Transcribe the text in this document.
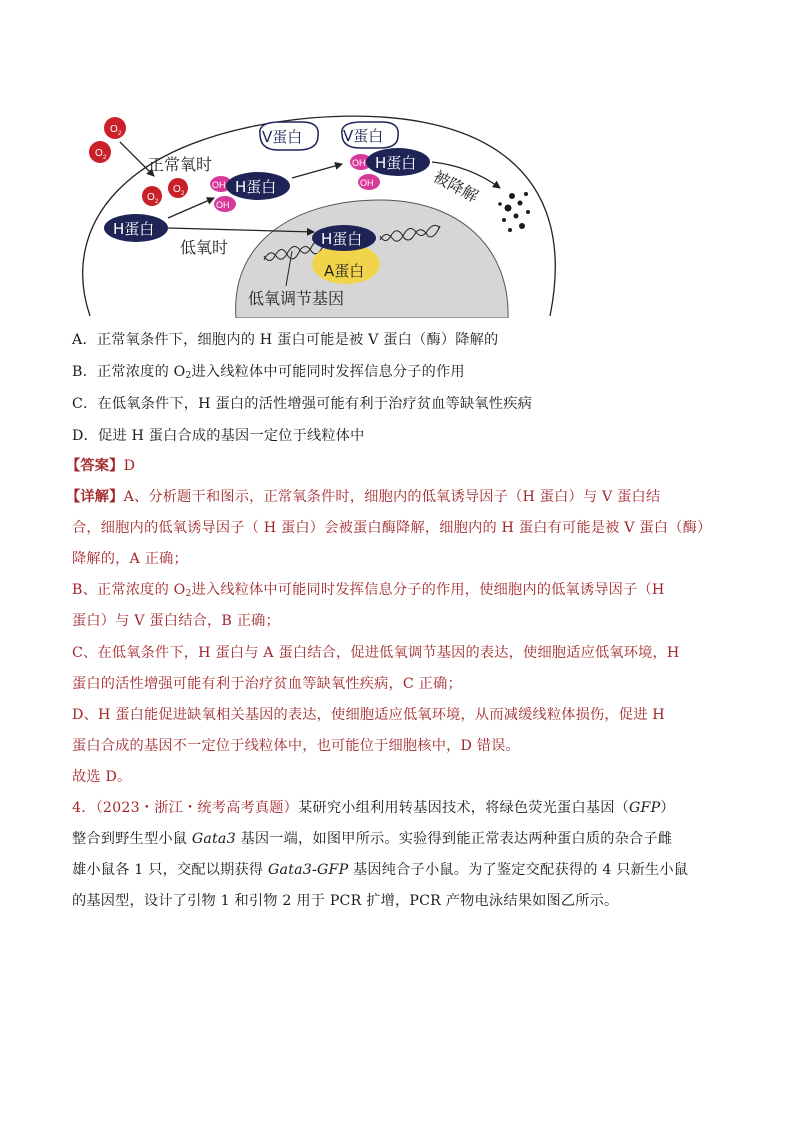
O 2
O 2
O 2
O 2
正常氧时
H蛋白
低氧时
OH
OH
H蛋白
V蛋白	V蛋白
OH
OH
H蛋白
被降解
A蛋白
H蛋白
低氧调节基因
A．正常氧条件下，细胞内的 H 蛋白可能是被 V 蛋白（酶）降解的
B．正常浓度的 $O_2$进入线粒体中可能同时发挥信息分子的作用
C．在低氧条件下，H 蛋白的活性增强可能有利于治疗贫血等缺氧性疾病
D．促进 H 蛋白合成的基因一定位于线粒体中
【答案】D
【详解】A、分析题干和图示，正常氧条件时，细胞内的低氧诱导因子（H 蛋白）与 V 蛋白结
合，细胞内的低氧诱导因子（ H 蛋白）会被蛋白酶降解，细胞内的 H 蛋白有可能是被 V 蛋白（酶）
降解的，A 正确；
B、正常浓度的 $O_2$进入线粒体中可能同时发挥信息分子的作用，使细胞内的低氧诱导因子（H
蛋白）与 V 蛋白结合，B 正确；
C、在低氧条件下，H 蛋白与 A 蛋白结合，促进低氧调节基因的表达，使细胞适应低氧环境，H
蛋白的活性增强可能有利于治疗贫血等缺氧性疾病，C 正确；
D、H 蛋白能促进缺氧相关基因的表达，使细胞适应低氧环境，从而减缓线粒体损伤，促进 H
蛋白合成的基因不一定位于线粒体中，也可能位于细胞核中，D 错误。
故选 D。
4．（2023・浙江・统考高考真题）某研究小组利用转基因技术，将绿色荧光蛋白基因（GFP）
整合到野生型小鼠 Gata3 基因一端，如图甲所示。实验得到能正常表达两种蛋白质的杂合子雌
雄小鼠各 1 只，交配以期获得 Gata3-GFP 基因纯合子小鼠。为了鉴定交配获得的 4 只新生小鼠
的基因型，设计了引物 1 和引物 2 用于 PCR 扩增，PCR 产物电泳结果如图乙所示。
